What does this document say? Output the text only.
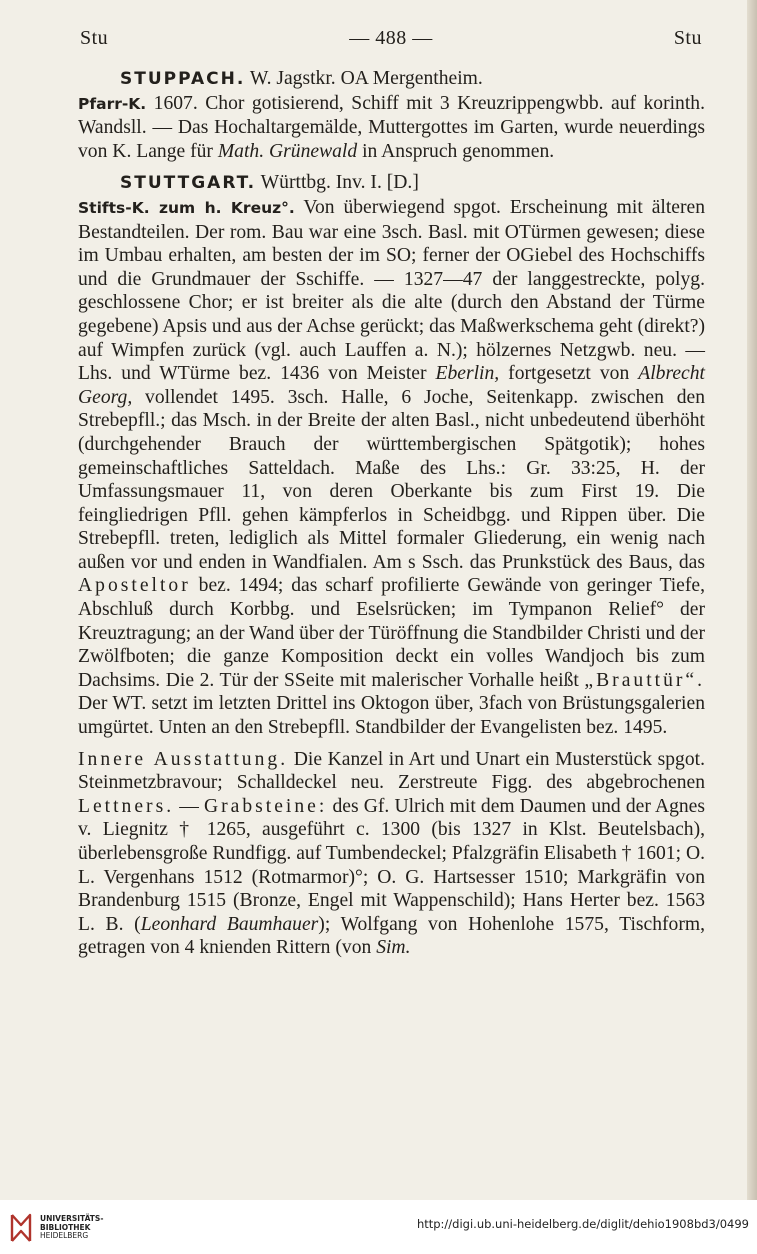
Stu	— 488 —	Stu

STUPPACH. W. Jagstkr. OA Mergentheim.
Pfarr-K. 1607. Chor gotisierend, Schiff mit 3 Kreuzrippengwbb. auf korinth. Wandsll. — Das Hochaltargemälde, Muttergottes im Garten, wurde neuerdings von K. Lange für Math. Grünewald in Anspruch genommen.

STUTTGART. Württbg. Inv. I. [D.]
Stifts-K. zum h. Kreuz°. Von überwiegend spgot. Erscheinung mit älteren Bestandteilen. Der rom. Bau war eine 3sch. Basl. mit OTürmen gewesen; diese im Umbau erhalten, am besten der im SO; ferner der OGiebel des Hochschiffs und die Grundmauer der Sschiffe. — 1327—47 der langgestreckte, polyg. geschlossene Chor; er ist breiter als die alte (durch den Abstand der Türme gegebene) Apsis und aus der Achse gerückt; das Maßwerkschema geht (direkt?) auf Wimpfen zurück (vgl. auch Lauffen a. N.); hölzernes Netzgwb. neu. — Lhs. und WTürme bez. 1436 von Meister Eberlin, fortgesetzt von Albrecht Georg, vollendet 1495. 3sch. Halle, 6 Joche, Seitenkapp. zwischen den Strebepfll.; das Msch. in der Breite der alten Basl., nicht unbedeutend überhöht (durchgehender Brauch der württembergischen Spätgotik); hohes gemeinschaftliches Satteldach. Maße des Lhs.: Gr. 33:25, H. der Umfassungsmauer 11, von deren Oberkante bis zum First 19. Die feingliedrigen Pfll. gehen kämpferlos in Scheidbgg. und Rippen über. Die Strebepfll. treten, lediglich als Mittel formaler Gliederung, ein wenig nach außen vor und enden in Wandfialen. Am s Ssch. das Prunkstück des Baus, das Aposteltor bez. 1494; das scharf profilierte Gewände von geringer Tiefe, Abschluß durch Korbbg. und Eselsrücken; im Tympanon Relief° der Kreuztragung; an der Wand über der Türöffnung die Standbilder Christi und der Zwölfboten; die ganze Komposition deckt ein volles Wandjoch bis zum Dachsims. Die 2. Tür der SSeite mit malerischer Vorhalle heißt „Brauttür“. Der WT. setzt im letzten Drittel ins Oktogon über, 3fach von Brüstungsgalerien umgürtet. Unten an den Strebepfll. Standbilder der Evangelisten bez. 1495.

Innere Ausstattung. Die Kanzel in Art und Unart ein Musterstück spgot. Steinmetzbravour; Schalldeckel neu. Zerstreute Figg. des abgebrochenen Lettners. — Grabsteine: des Gf. Ulrich mit dem Daumen und der Agnes v. Liegnitz † 1265, ausgeführt c. 1300 (bis 1327 in Klst. Beutelsbach), überlebensgroße Rundfigg. auf Tumbendeckel; Pfalzgräfin Elisabeth † 1601; O. L. Vergenhans 1512 (Rotmarmor)°; O. G. Hartsesser 1510; Markgräfin von Brandenburg 1515 (Bronze, Engel mit Wappenschild); Hans Herter bez. 1563 L. B. (Leonhard Baumhauer); Wolfgang von Hohenlohe 1575, Tischform, getragen von 4 knienden Rittern (von Sim.

UNIVERSITÄTS-
BIBLIOTHEK
HEIDELBERG
http://digi.ub.uni-heidelberg.de/diglit/dehio1908bd3/0499
